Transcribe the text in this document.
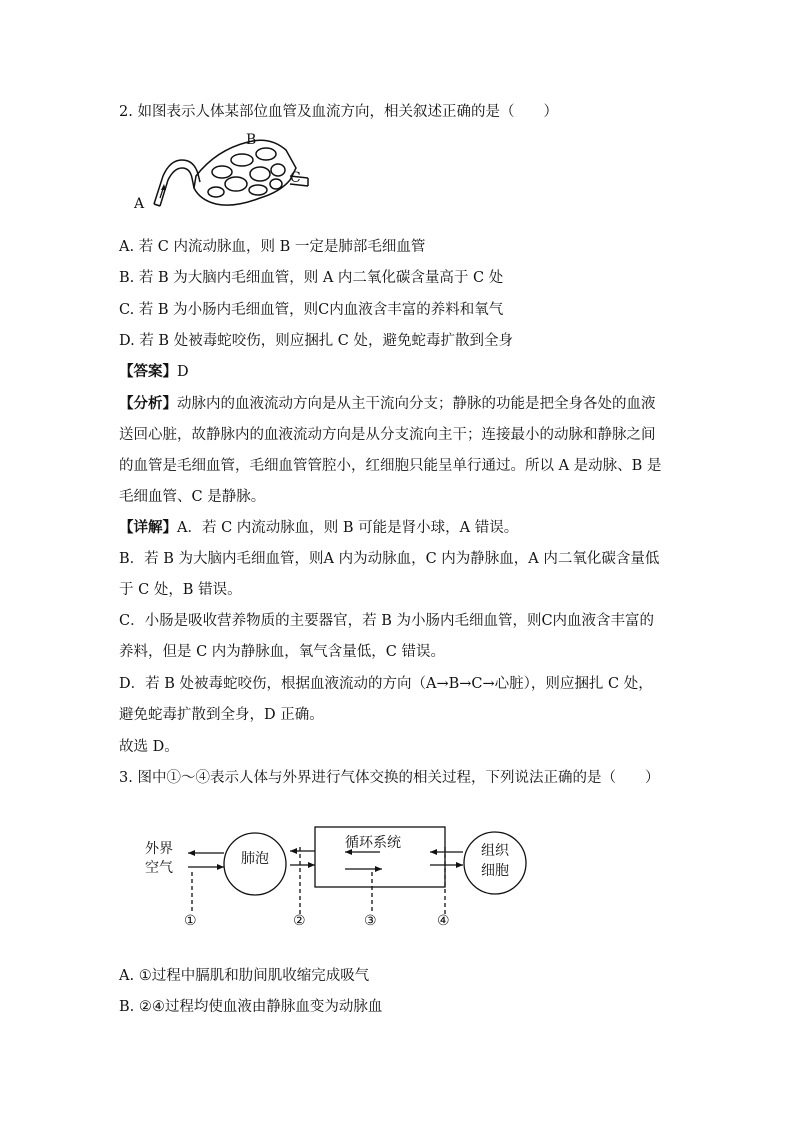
2. 如图表示人体某部位血管及血流方向，相关叙述正确的是（　　）
B
C
A
A. 若 C 内流动脉血，则 B 一定是肺部毛细血管
B. 若 B 为大脑内毛细血管，则 A 内二氧化碳含量高于 C 处
C. 若 B 为小肠内毛细血管，则C内血液含丰富的养料和氧气
D. 若 B 处被毒蛇咬伤，则应捆扎 C 处，避免蛇毒扩散到全身
【答案】D
【分析】动脉内的血液流动方向是从主干流向分支；静脉的功能是把全身各处的血液送回心脏，故静脉内的血液流动方向是从分支流向主干；连接最小的动脉和静脉之间的血管是毛细血管，毛细血管管腔小，红细胞只能呈单行通过。所以 A 是动脉、B 是毛细血管、C 是静脉。
【详解】A．若 C 内流动脉血，则 B 可能是肾小球，A 错误。
B．若 B 为大脑内毛细血管，则A 内为动脉血，C 内为静脉血，A 内二氧化碳含量低于 C 处，B 错误。
C．小肠是吸收营养物质的主要器官，若 B 为小肠内毛细血管，则C内血液含丰富的养料，但是 C 内为静脉血，氧气含量低，C 错误。
D．若 B 处被毒蛇咬伤，根据血液流动的方向（A→B→C→心脏），则应捆扎 C 处，避免蛇毒扩散到全身，D 正确。
故选 D。
3. 图中①～④表示人体与外界进行气体交换的相关过程，下列说法正确的是（　　）
外界
空气
肺泡
循环系统	组织
细胞
①	②	③	④
A. ①过程中膈肌和肋间肌收缩完成吸气
B. ②④过程均使血液由静脉血变为动脉血
